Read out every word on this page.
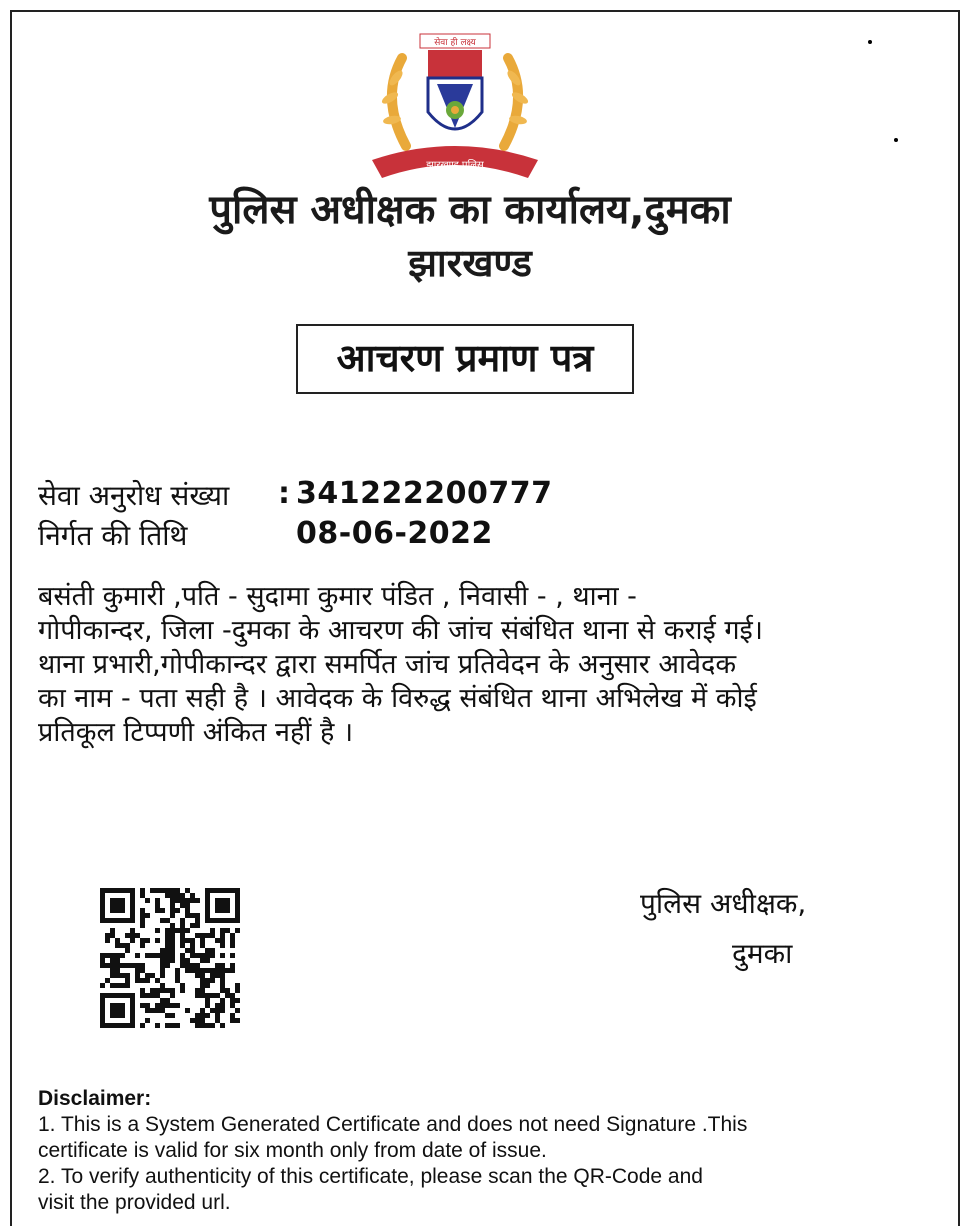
सेवा ही लक्ष्य
झारखण्ड पुलिस
पुलिस अधीक्षक का कार्यालय,दुमका
झारखण्ड
आचरण प्रमाण पत्र
सेवा अनुरोध संख्या : 341222200777
निर्गत की तिथि	08-06-2022
बसंती कुमारी ,पति - सुदामा कुमार पंडित , निवासी - , थाना -
गोपीकान्दर, जिला -दुमका के आचरण की जांच संबंधित थाना से कराई गई।
थाना प्रभारी,गोपीकान्दर द्वारा समर्पित जांच प्रतिवेदन के अनुसार आवेदक
का नाम - पता सही है । आवेदक के विरुद्ध संबंधित थाना अभिलेख में कोई
प्रतिकूल टिप्पणी अंकित नहीं है ।
पुलिस अधीक्षक,
दुमका
Disclaimer:
1. This is a System Generated Certificate and does not need Signature .This
certificate is valid for six month only from date of issue.
2. To verify authenticity of this certificate, please scan the QR-Code and
visit the provided url.
